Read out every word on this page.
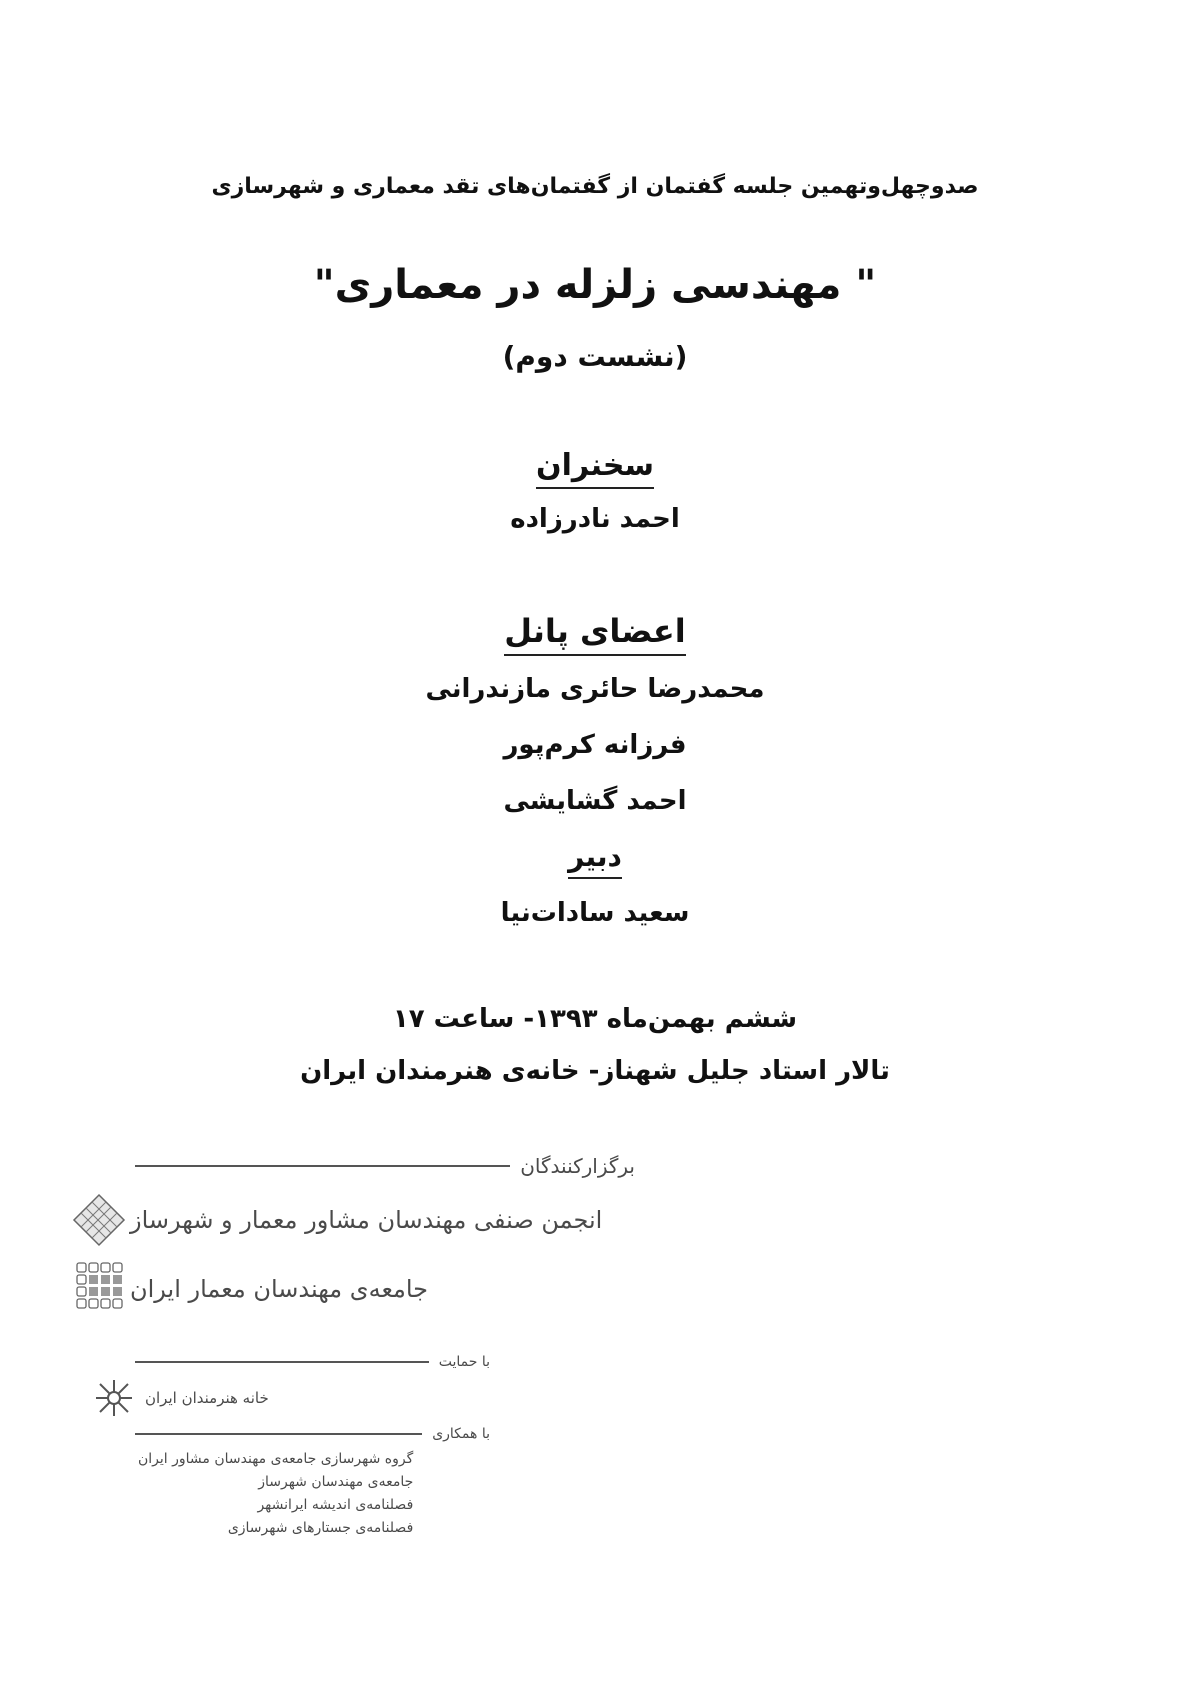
صدوچهل‌وتهمین جلسه گفتمان از گفتمان‌های تقد معماری و شهرسازی
" مهندسی زلزله در معماری"
(نشست دوم)
سخنران
احمد نادرزاده
اعضای پانل
محمدرضا حائری مازندرانی
فرزانه کرم‌پور
احمد گشایشی
دبیر
سعید سادات‌نیا
ششم بهمن‌ماه ۱۳۹۳- ساعت ۱۷
تالار استاد جلیل شهناز- خانه‌ی هنرمندان ایران
برگزارکنندگان
انجمن صنفی مهندسان مشاور معمار و شهرساز
جامعه‌ی مهندسان معمار ایران
با حمایت
خانه هنرمندان ایران
با همکاری
گروه شهرسازی جامعه‌ی مهندسان مشاور ایران
جامعه‌ی مهندسان شهرساز
فصلنامه‌ی اندیشه ایرانشهر
فصلنامه‌ی جستارهای شهرسازی
